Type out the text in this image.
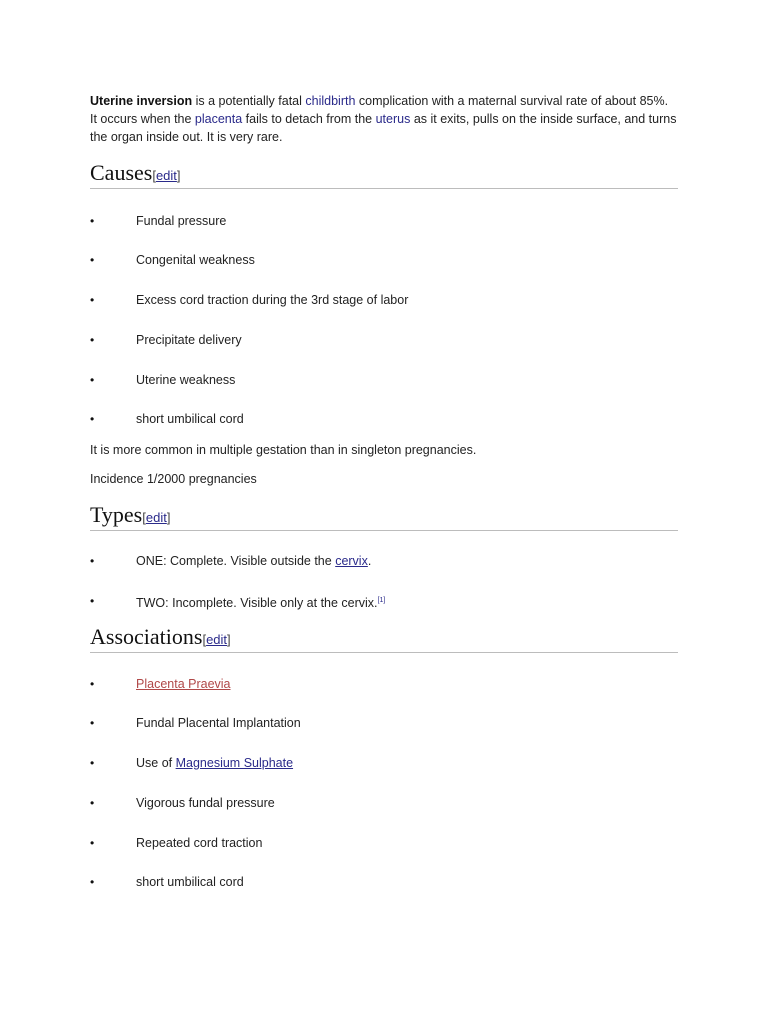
Uterine inversion is a potentially fatal childbirth complication with a maternal survival rate of about 85%. It occurs when the placenta fails to detach from the uterus as it exits, pulls on the inside surface, and turns the organ inside out. It is very rare.

Causes[edit]
•	Fundal pressure
•	Congenital weakness
•	Excess cord traction during the 3rd stage of labor
•	Precipitate delivery
•	Uterine weakness
•	short umbilical cord

It is more common in multiple gestation than in singleton pregnancies.

Incidence 1/2000 pregnancies

Types[edit]
•	ONE: Complete. Visible outside the cervix.
•	TWO: Incomplete. Visible only at the cervix.[1]
Associations[edit]
•	Placenta Praevia
•	Fundal Placental Implantation
•	Use of Magnesium Sulphate
•	Vigorous fundal pressure
•	Repeated cord traction
•	short umbilical cord
